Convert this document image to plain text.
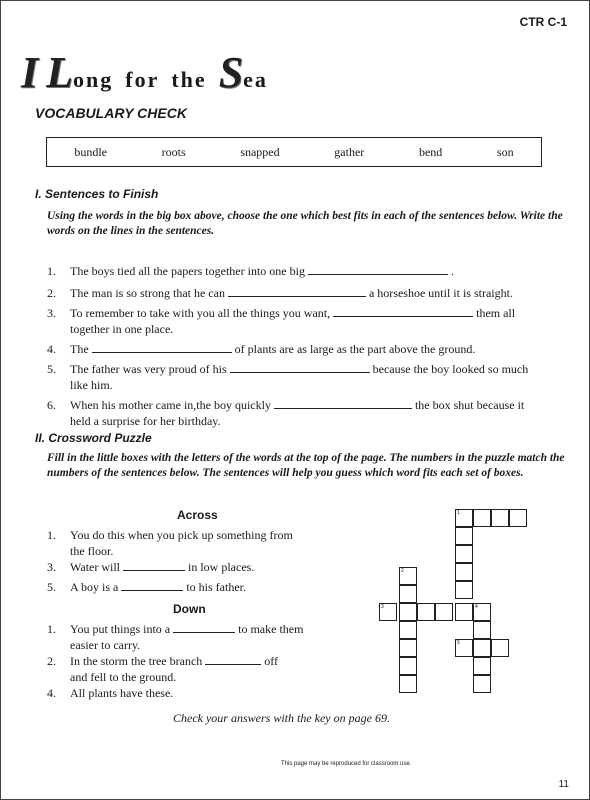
CTR C-1
I Long for the Sea
VOCABULARY CHECK
bundle	roots	snapped	gather	bend	son
I. Sentences to Finish
Using the words in the big box above, choose the one which best fits in each of the sentences below. Write the words on the lines in the sentences.
1. The boys tied all the papers together into one big	.
2. The man is so strong that he can	a horseshoe until it is straight.
3. To remember to take with you all the things you want,	them all
together in one place.
4. The	of plants are as large as the part above the ground.
5. The father was very proud of his	because the boy looked so much
like him.
6. When his mother came in,the boy quickly	the box shut because it
held a surprise for her birthday.
II. Crossword Puzzle
Fill in the little boxes with the letters of the words at the top of the page. The numbers in the puzzle match the numbers of the sentences below. The sentences will help you guess which word fits each set of boxes.
Across
1. You do this when you pick up something from
the floor.
3. Water will	in low places.
5. A boy is a	to his father.
Down
1. You put things into a	to make them
easier to carry.
2. In the storm the tree branch	off
and fell to the ground.
4. All plants have these.
1
2
3	4
5
Check your answers with the key on page 69.
This page may be reproduced for classroom use.
11
